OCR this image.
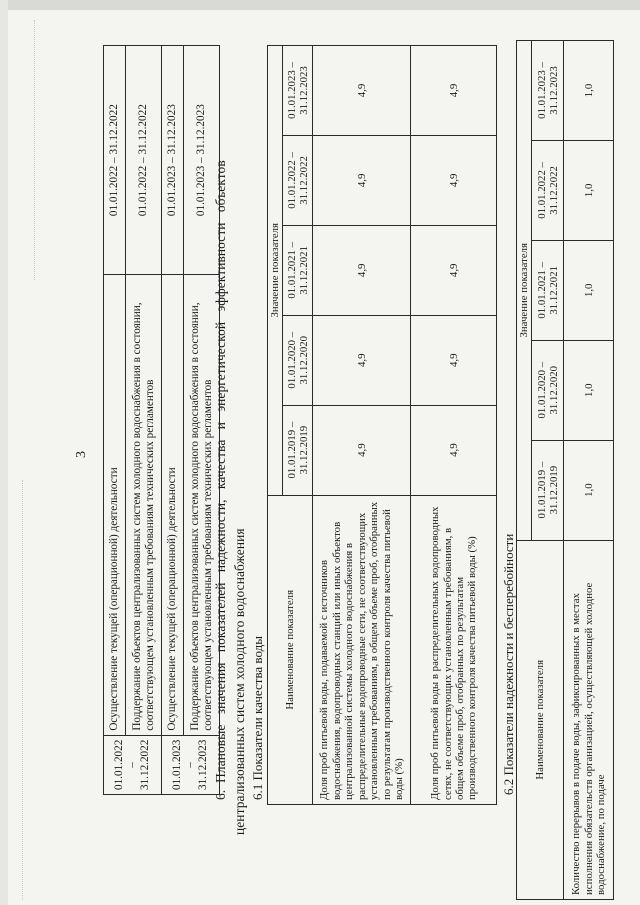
3
01.01.2022 – 31.12.2022	Осуществление текущей (операционной) деятельности	01.01.2022 – 31.12.2022
	Поддержание объектов централизованных систем холодного водоснабжения в состоянии, соответствующем установленным требованиям технических регламентов	01.01.2022 – 31.12.2022
01.01.2023 – 31.12.2023	Осуществление текущей (операционной) деятельности	01.01.2023 – 31.12.2023
	Поддержание объектов централизованных систем холодного водоснабжения в состоянии, соответствующем установленным требованиям технических регламентов	01.01.2023 – 31.12.2023
6.  Плановые   значения   показателей   надежности,   качества   и   энергетической   эффективности   объектов централизованных систем холодного водоснабжения 6.1 Показатели качества воды Наименование показателя	Значение показателя				
	01.01.2019 – 31.12.2019	01.01.2020 – 31.12.2020	01.01.2021 – 31.12.2021	01.01.2022 – 31.12.2022	01.01.2023 – 31.12.2023
Доля проб питьевой воды, подаваемой с источников водоснабжения, водопроводных станций или иных объектов централизованной системы холодного водоснабжения в распределительные водопроводные сети, не соответствующих установленным требованиям, в общем объеме проб, отобранных по результатам производственного контроля качества питьевой воды (%)	4,9	4,9	4,9	4,9	4,9
Доля проб питьевой воды в распределительных водопроводных сетях, не соответствующих установленным требованиям, в общем объеме проб, отобранных по результатам производственного контроля качества питьевой воды (%)	4,9	4,9	4,9	4,9	4,9
6.2 Показатели надежности и бесперебойности Наименование показателя	Значение показателя				
	01.01.2019 – 31.12.2019	01.01.2020 – 31.12.2020	01.01.2021 – 31.12.2021	01.01.2022 – 31.12.2022	01.01.2023 – 31.12.2023
Количество перерывов в подаче воды, зафиксированных в местах исполнения обязательств организацией, осуществляющей холодное водоснабжение, по подаче	1,0	1,0	1,0	1,0	1,0
